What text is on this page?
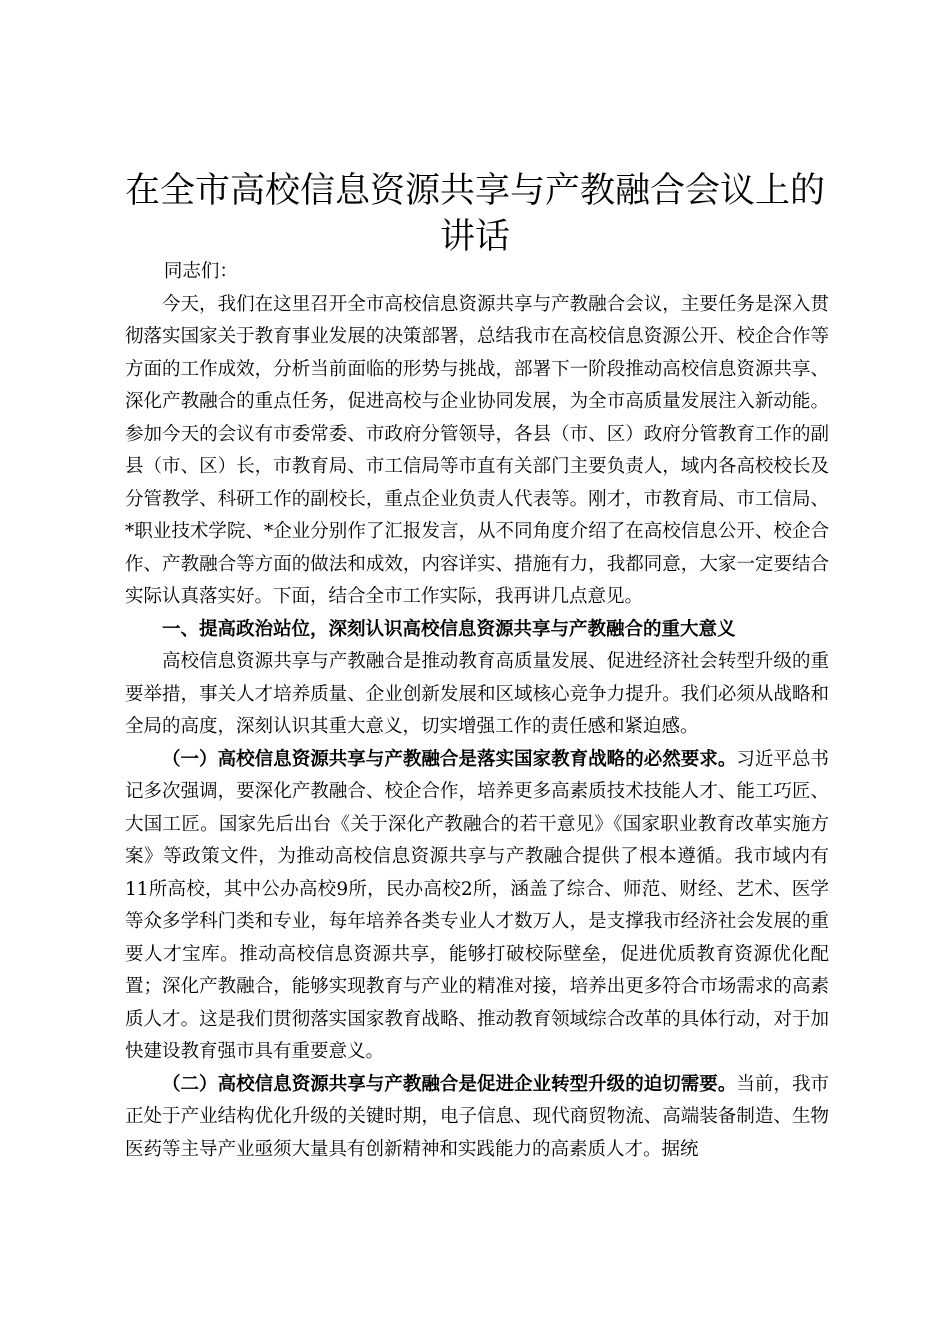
在全市高校信息资源共享与产教融合会议上的讲话

同志们：

今天，我们在这里召开全市高校信息资源共享与产教融合会议，主要任务是深入贯彻落实国家关于教育事业发展的决策部署，总结我市在高校信息资源公开、校企合作等方面的工作成效，分析当前面临的形势与挑战，部署下一阶段推动高校信息资源共享、深化产教融合的重点任务，促进高校与企业协同发展，为全市高质量发展注入新动能。参加今天的会议有市委常委、市政府分管领导，各县（市、区）政府分管教育工作的副县（市、区）长，市教育局、市工信局等市直有关部门主要负责人，域内各高校校长及分管教学、科研工作的副校长，重点企业负责人代表等。刚才，市教育局、市工信局、*职业技术学院、*企业分别作了汇报发言，从不同角度介绍了在高校信息公开、校企合作、产教融合等方面的做法和成效，内容详实、措施有力，我都同意，大家一定要结合实际认真落实好。下面，结合全市工作实际，我再讲几点意见。

一、提高政治站位，深刻认识高校信息资源共享与产教融合的重大意义

高校信息资源共享与产教融合是推动教育高质量发展、促进经济社会转型升级的重要举措，事关人才培养质量、企业创新发展和区域核心竞争力提升。我们必须从战略和全局的高度，深刻认识其重大意义，切实增强工作的责任感和紧迫感。

（一）高校信息资源共享与产教融合是落实国家教育战略的必然要求。习近平总书记多次强调，要深化产教融合、校企合作，培养更多高素质技术技能人才、能工巧匠、大国工匠。国家先后出台《关于深化产教融合的若干意见》《国家职业教育改革实施方案》等政策文件，为推动高校信息资源共享与产教融合提供了根本遵循。我市域内有11所高校，其中公办高校9所，民办高校2所，涵盖了综合、师范、财经、艺术、医学等众多学科门类和专业，每年培养各类专业人才数万人，是支撑我市经济社会发展的重要人才宝库。推动高校信息资源共享，能够打破校际壁垒，促进优质教育资源优化配置；深化产教融合，能够实现教育与产业的精准对接，培养出更多符合市场需求的高素质人才。这是我们贯彻落实国家教育战略、推动教育领域综合改革的具体行动，对于加快建设教育强市具有重要意义。

（二）高校信息资源共享与产教融合是促进企业转型升级的迫切需要。当前，我市正处于产业结构优化升级的关键时期，电子信息、现代商贸物流、高端装备制造、生物医药等主导产业亟须大量具有创新精神和实践能力的高素质人才。据统
